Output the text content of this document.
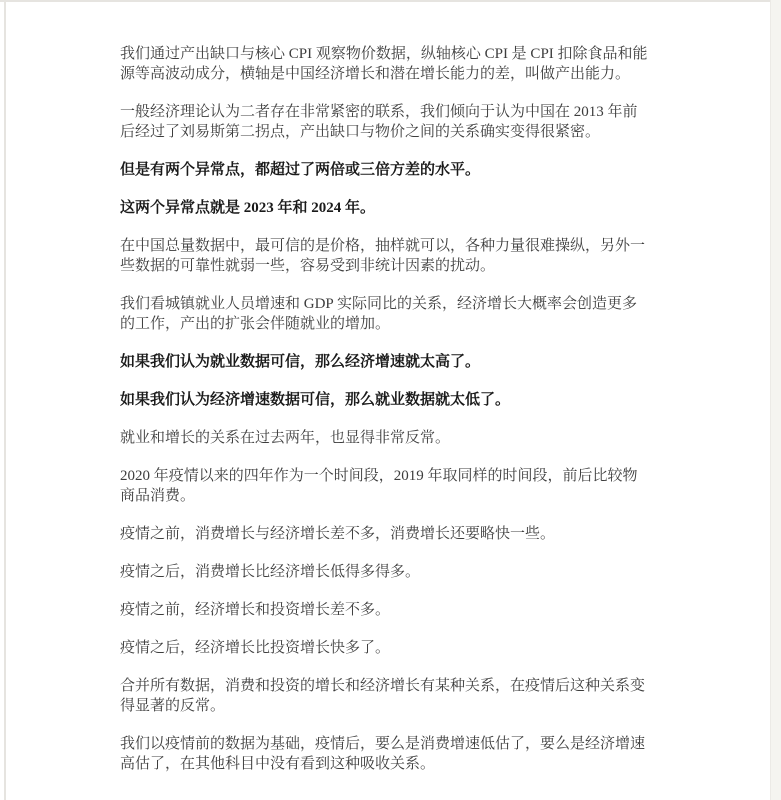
我们通过产出缺口与核心 CPI 观察物价数据，纵轴核心 CPI 是 CPI 扣除食品和能
源等高波动成分，横轴是中国经济增长和潜在增长能力的差，叫做产出能力。
一般经济理论认为二者存在非常紧密的联系，我们倾向于认为中国在 2013 年前
后经过了刘易斯第二拐点，产出缺口与物价之间的关系确实变得很紧密。
但是有两个异常点，都超过了两倍或三倍方差的水平。
这两个异常点就是 2023 年和 2024 年。
在中国总量数据中，最可信的是价格，抽样就可以，各种力量很难操纵，另外一
些数据的可靠性就弱一些，容易受到非统计因素的扰动。
我们看城镇就业人员增速和 GDP 实际同比的关系，经济增长大概率会创造更多
的工作，产出的扩张会伴随就业的增加。
如果我们认为就业数据可信，那么经济增速就太高了。
如果我们认为经济增速数据可信，那么就业数据就太低了。
就业和增长的关系在过去两年，也显得非常反常。
2020 年疫情以来的四年作为一个时间段，2019 年取同样的时间段，前后比较物
商品消费。
疫情之前，消费增长与经济增长差不多，消费增长还要略快一些。
疫情之后，消费增长比经济增长低得多得多。
疫情之前，经济增长和投资增长差不多。
疫情之后，经济增长比投资增长快多了。
合并所有数据，消费和投资的增长和经济增长有某种关系，在疫情后这种关系变
得显著的反常。
我们以疫情前的数据为基础，疫情后，要么是消费增速低估了，要么是经济增速
高估了，在其他科目中没有看到这种吸收关系。
